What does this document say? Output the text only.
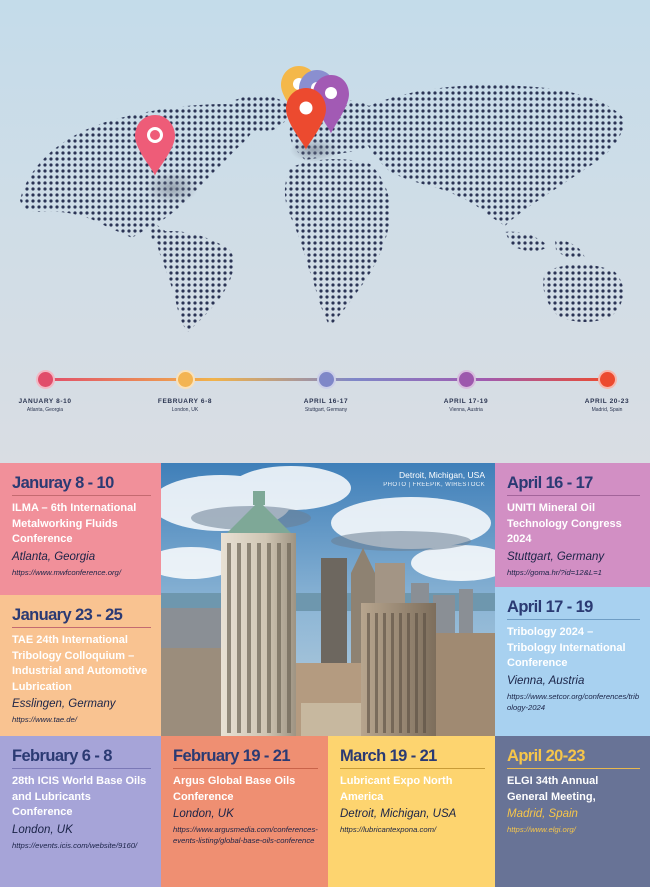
JANUARY 8-10
Atlanta, Georgia
FEBRUARY 6-8
London, UK
APRIL 16-17
Stuttgart, Germany
APRIL 17-19
Vienna, Austria
APRIL 20-23
Madrid, Spain
Januray 8 - 10
ILMA – 6th International Metalworking Fluids Conference
Atlanta, Georgia
https://www.mwfconference.org/
January 23 - 25
TAE 24th International Tribology Colloquium – Industrial and Automotive Lubrication
Esslingen, Germany
https://www.tae.de/
February 6 - 8
28th ICIS World Base Oils and Lubricants Conference
London, UK
https://events.icis.com/website/9160/
February 19 - 21
Argus Global Base Oils Conference
London, UK
https://www.argusmedia.com/conferences-events-listing/global-base-oils-conference
March 19 - 21
Lubricant Expo North America
Detroit, Michigan, USA
https://lubricantexpona.com/
April 20-23
ELGI 34th Annual General Meeting,
Madrid, Spain
https://www.elgi.org/
April 16 - 17
UNITI Mineral Oil Technology Congress 2024
Stuttgart, Germany
https://goma.hr/?id=12&L=1
April 17 - 19
Tribology 2024 – Tribology International Conference
Vienna, Austria
https://www.setcor.org/conferences/tribology-2024
Detroit, Michigan, USA
PHOTO | FREEPIK, WIRESTOCK
